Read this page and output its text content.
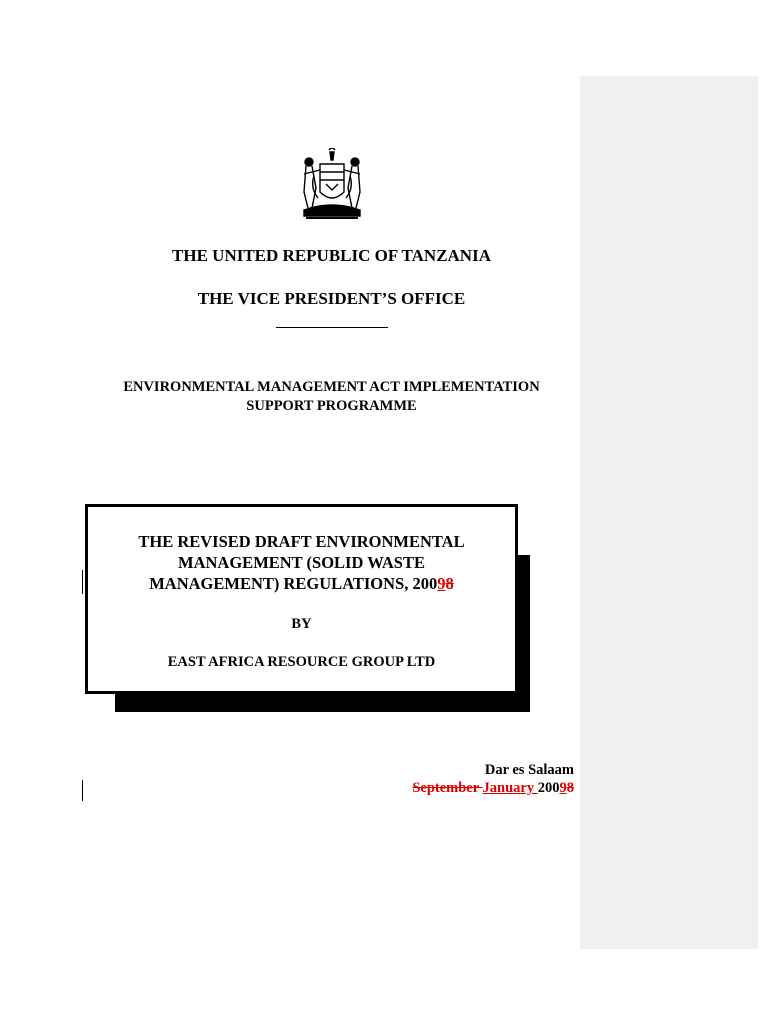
THE UNITED REPUBLIC OF TANZANIA
THE VICE PRESIDENT’S OFFICE
ENVIRONMENTAL MANAGEMENT ACT IMPLEMENTATION
SUPPORT PROGRAMME
THE REVISED DRAFT ENVIRONMENTAL
MANAGEMENT (SOLID WASTE
MANAGEMENT) REGULATIONS, 20098
BY
EAST AFRICA RESOURCE GROUP LTD
Dar es Salaam
September January 20098
